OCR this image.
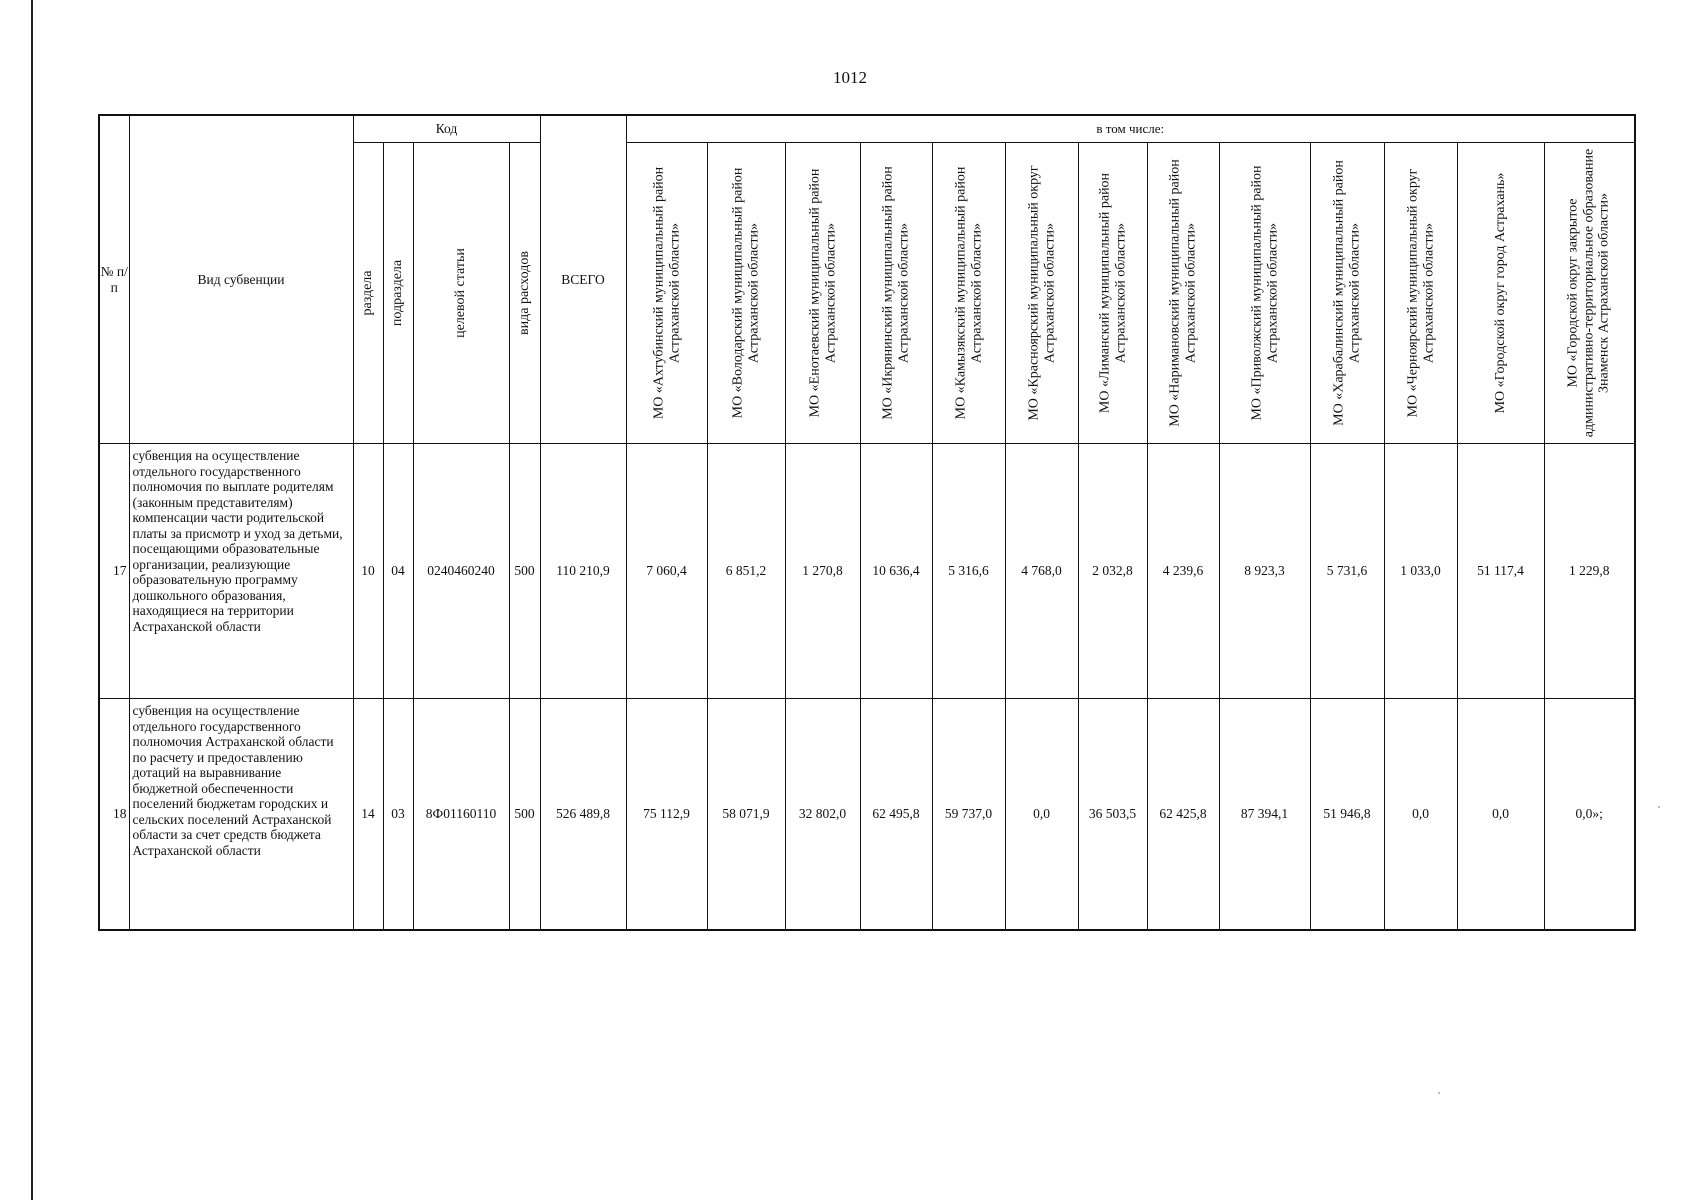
1012
№ п/п	Вид субвенции	Код				ВСЕГО	в том числе:												

		раздела	подраздела	целевой статьи	вида расходов		МО «Ахтубинский муниципальный район Астраханской области»	МО «Володарский муниципальный район Астраханской области»	МО «Енотаевский муниципальный район Астраханской области»	МО «Икрянинский муниципальный район Астраханской области»	МО «Камызякский муниципальный район Астраханской области»	МО «Красноярский муниципальный округ Астраханской области»	МО «Лиманский муниципальный район Астраханской области»	МО «Наримановский муниципальный район Астраханской области»	МО «Приволжский муниципальный район Астраханской области»	МО «Харабалинский муниципальный район Астраханской области»	МО «Черноярский муниципальный округ Астраханской области»	МО «Городской округ город Астрахань»	МО «Городской округ закрытое административно-территориальное образование Знаменск Астраханской области»

17	субвенция на осуществление отдельного государственного полномочия по выплате родителям (законным представителям) компенсации части родительской платы за присмотр и уход за детьми, посещающими образовательные организации, реализующие образовательную программу дошкольного образования, находящиеся на территории Астраханской области	10	04	0240460240	500	110 210,9	7 060,4	6 851,2	1 270,8	10 636,4	5 316,6	4 768,0	2 032,8	4 239,6	8 923,3	5 731,6	1 033,0	51 117,4	1 229,8
18	субвенция на осуществление отдельного государственного полномочия Астраханской области по расчету и предоставлению дотаций на выравнивание бюджетной обеспеченности поселений бюджетам городских и сельских поселений Астраханской области за счет средств бюджета Астраханской области	14	03	8Ф01160110	500	526 489,8	75 112,9	58 071,9	32 802,0	62 495,8	59 737,0	0,0	36 503,5	62 425,8	87 394,1	51 946,8	0,0	0,0	0,0»;
